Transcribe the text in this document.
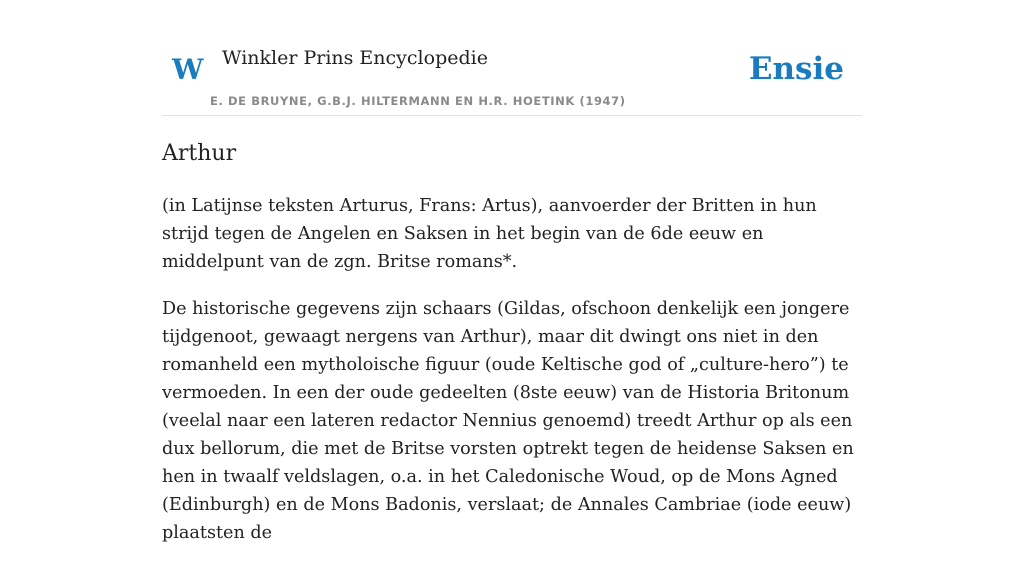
W Winkler Prins Encyclopedie
E. DE BRUYNE, G.B.J. HILTERMANN EN H.R. HOETINK (1947)
Ensie
Arthur

(in Latijnse teksten Arturus, Frans: Artus), aanvoerder der Britten in hun strijd tegen de Angelen en Saksen in het begin van de 6de eeuw en middelpunt van de zgn. Britse romans*.

De historische gegevens zijn schaars (Gildas, ofschoon denkelijk een jongere tijdgenoot, gewaagt nergens van Arthur), maar dit dwingt ons niet in den romanheld een mytholoische figuur (oude Keltische god of „culture-hero”) te vermoeden. In een der oude gedeelten (8ste eeuw) van de Historia Britonum (veelal naar een lateren redactor Nennius genoemd) treedt Arthur op als een dux bellorum, die met de Britse vorsten optrekt tegen de heidense Saksen en hen in twaalf veldslagen, o.a. in het Caledonische Woud, op de Mons Agned (Edinburgh) en de Mons Badonis, verslaat; de Annales Cambriae (iode eeuw) plaatsten de
